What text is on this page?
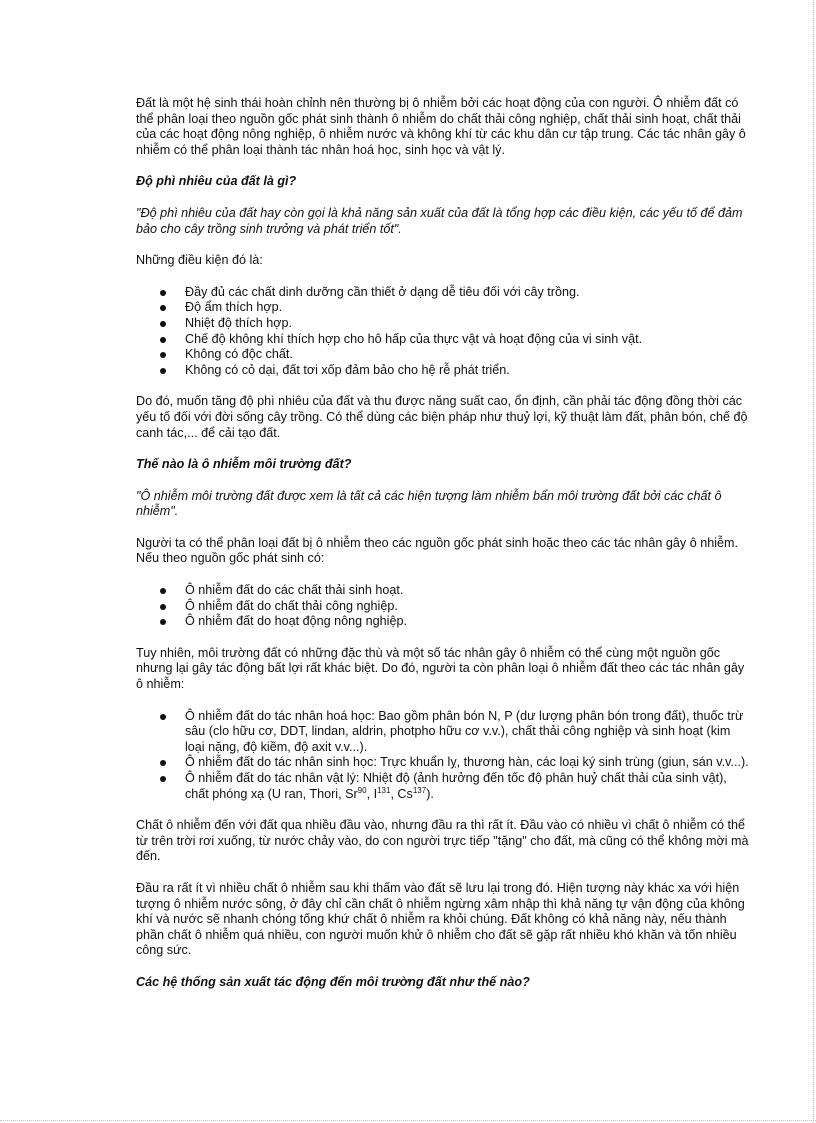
Đất là một hệ sinh thái hoàn chỉnh nên thường bị ô nhiễm bởi các hoạt động của con người. Ô nhiễm đất có thể phân loại theo nguồn gốc phát sinh thành ô nhiễm do chất thải công nghiệp, chất thải sinh hoạt, chất thải của các hoạt động nông nghiệp, ô nhiễm nước và không khí từ các khu dân cư tập trung. Các tác nhân gây ô nhiễm có thể phân loại thành tác nhân hoá học, sinh học và vật lý.

Độ phì nhiêu của đất là gì?

"Độ phì nhiêu của đất hay còn gọi là khả năng sản xuất của đất là tổng hợp các điều kiện, các yếu tố để đảm bảo cho cây trồng sinh trưởng và phát triển tốt".

Những điều kiện đó là:

Đầy đủ các chất dinh dưỡng cần thiết ở dạng dễ tiêu đối với cây trồng.
Độ ẩm thích hợp.
Nhiệt độ thích hợp.
Chế độ không khí thích hợp cho hô hấp của thực vật và hoạt động của vi sinh vật.
Không có độc chất.
Không có cỏ dại, đất tơi xốp đảm bảo cho hệ rễ phát triển.

Do đó, muốn tăng độ phì nhiêu của đất và thu được năng suất cao, ổn định, cần phải tác động đồng thời các yếu tố đối với đời sống cây trồng. Có thể dùng các biện pháp như thuỷ lợi, kỹ thuật làm đất, phân bón, chế độ canh tác,... để cải tạo đất.

Thế nào là ô nhiễm môi trường đất?

"Ô nhiễm môi trường đất được xem là tất cả các hiện tượng làm nhiễm bẩn môi trường đất bởi các chất ô nhiễm".

Người ta có thể phân loại đất bị ô nhiễm theo các nguồn gốc phát sinh hoặc theo các tác nhân gây ô nhiễm. Nếu theo nguồn gốc phát sinh có:

Ô nhiễm đất do các chất thải sinh hoạt.
Ô nhiễm đất do chất thải công nghiệp.
Ô nhiễm đất do hoạt động nông nghiệp.

Tuy nhiên, môi trường đất có những đặc thù và một số tác nhân gây ô nhiễm có thể cùng một nguồn gốc nhưng lại gây tác động bất lợi rất khác biệt. Do đó, người ta còn phân loại ô nhiễm đất theo các tác nhân gây ô nhiễm:

Ô nhiễm đất do tác nhân hoá học: Bao gồm phân bón N, P (dư lượng phân bón trong đất), thuốc trừ sâu (clo hữu cơ, DDT, lindan, aldrin, photpho hữu cơ v.v.), chất thải công nghiệp và sinh hoạt (kim loại nặng, độ kiềm, độ axit v.v...).
Ô nhiễm đất do tác nhân sinh học: Trực khuẩn lỵ, thương hàn, các loại ký sinh trùng (giun, sán v.v...).
Ô nhiễm đất do tác nhân vật lý: Nhiệt độ (ảnh hưởng đến tốc độ phân huỷ chất thải của sinh vật), chất phóng xạ (U ran, Thori, Sr$^{90}$, $I^{131}$, Cs$^{137}$).

Chất ô nhiễm đến với đất qua nhiều đầu vào, nhưng đầu ra thì rất ít. Đầu vào có nhiều vì chất ô nhiễm có thể từ trên trời rơi xuống, từ nước chảy vào, do con người trực tiếp "tặng" cho đất, mà cũng có thể không mời mà đến.

Đầu ra rất ít vì nhiều chất ô nhiễm sau khi thấm vào đất sẽ lưu lại trong đó. Hiện tượng này khác xa với hiện tượng ô nhiễm nước sông, ở đây chỉ cần chất ô nhiễm ngừng xâm nhập thì khả năng tự vận động của không khí và nước sẽ nhanh chóng tống khứ chất ô nhiễm ra khỏi chúng. Đất không có khả năng này, nếu thành phần chất ô nhiễm quá nhiều, con người muốn khử ô nhiễm cho đất sẽ gặp rất nhiều khó khăn và tốn nhiều công sức.

Các hệ thống sản xuất tác động đến môi trường đất như thế nào?
